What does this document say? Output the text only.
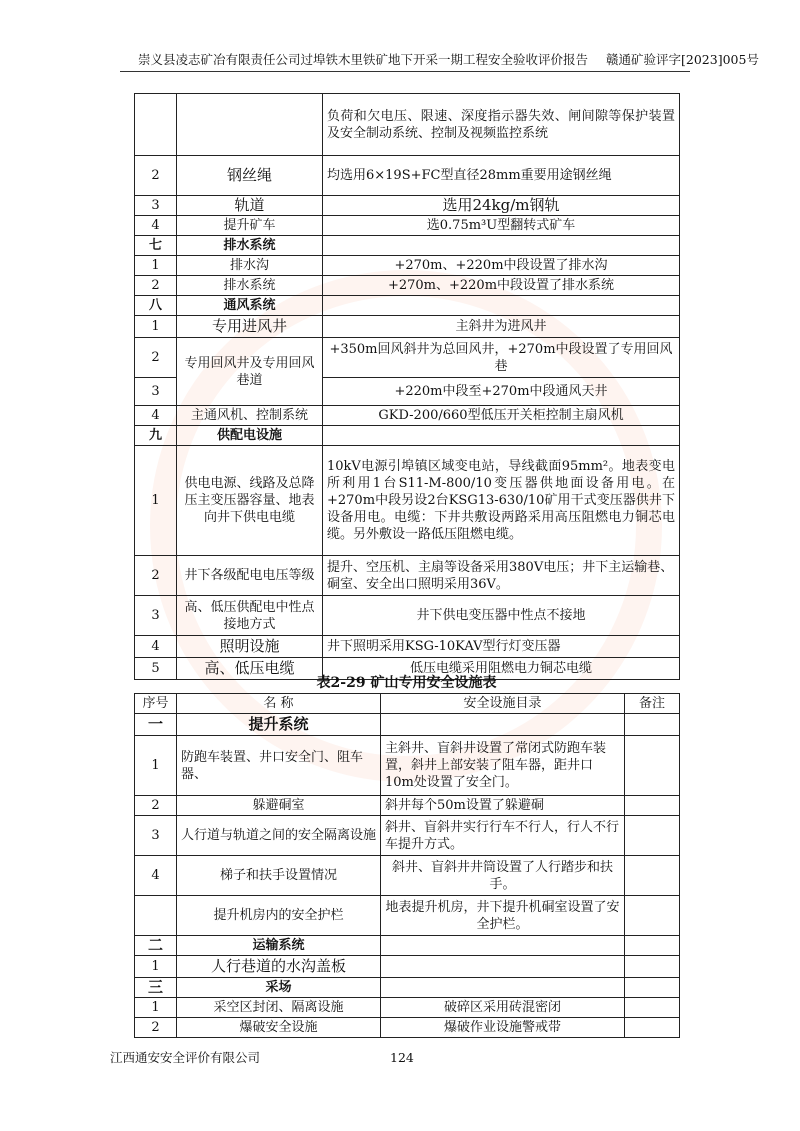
崇义县凌志矿冶有限责任公司过埠铁木里铁矿地下开采一期工程安全验收评价报告 赣通矿验评字[2023]005号
		负荷和欠电压、限速、深度指示器失效、闸间隙等保护装置及安全制动系统、控制及视频监控系统
2	钢丝绳	均选用6×19S+FC型直径28mm重要用途钢丝绳
3	轨道	选用24kg/m钢轨
4	提升矿车	选0.75m³U型翻转式矿车
七	排水系统	
1	排水沟	+270m、+220m中段设置了排水沟
2	排水系统	+270m、+220m中段设置了排水系统
八	通风系统	
1	专用进风井	主斜井为进风井
2	专用回风井及专用回风巷道	+350m回风斜井为总回风井，+270m中段设置了专用回风巷
3		+220m中段至+270m中段通风天井
4	主通风机、控制系统	GKD-200/660型低压开关柜控制主扇风机
九	供配电设施	
1	供电电源、线路及总降压主变压器容量、地表向井下供电电缆	10kV电源引埠镇区域变电站，导线截面95mm²。地表变电所利用1台S11-M-800/10变压器供地面设备用电。在+270m中段另设2台KSG13-630/10矿用干式变压器供井下设备用电。电缆：下井共敷设两路采用高压阻燃电力铜芯电缆。另外敷设一路低压阻燃电缆。
2	井下各级配电电压等级	提升、空压机、主扇等设备采用380V电压；井下主运输巷、硐室、安全出口照明采用36V。
3	高、低压供配电中性点接地方式	井下供电变压器中性点不接地
4	照明设施	井下照明采用KSG-10KAV型行灯变压器
5	高、低压电缆	低压电缆采用阻燃电力铜芯电缆
表2-29 矿山专用安全设施表
序号	名 称	安全设施目录	备注
一	提升系统		
1	防跑车装置、井口安全门、阻车器、	主斜井、盲斜井设置了常闭式防跑车装置，斜井上部安装了阻车器，距井口10m处设置了安全门。	
2	躲避硐室	斜井每个50m设置了躲避硐	
3	人行道与轨道之间的安全隔离设施	斜井、盲斜井实行行车不行人，行人不行车提升方式。	
4	梯子和扶手设置情况	斜井、盲斜井井筒设置了人行踏步和扶手。	
	提升机房内的安全护栏	地表提升机房，井下提升机硐室设置了安全护栏。	
二	运输系统		
1	人行巷道的水沟盖板		
三	采场		
1	采空区封闭、隔离设施	破碎区采用砖混密闭	
2	爆破安全设施	爆破作业设施警戒带	
江西通安安全评价有限公司	124
